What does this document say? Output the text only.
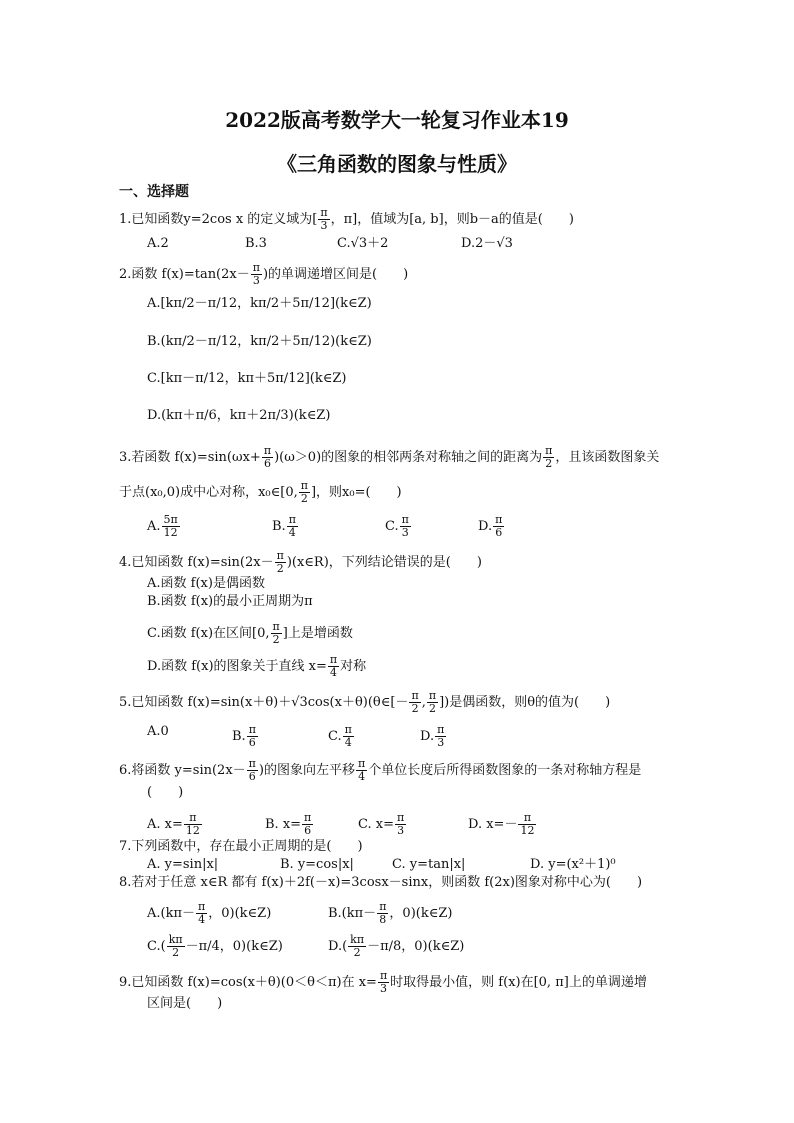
2022版高考数学大一轮复习作业本19
《三角函数的图象与性质》
一、选择题
1.已知函数y=2cos x 的定义域为[ $\frac{\pi}{3}$ ，π]，值域为[a, b]，则b－a的值是(　　)
A.2	B.3	C.√3＋2	D.2－√3
2.函数 $f(x)=\tan(2x- \frac{\pi}{3}$ )的单调递增区间是(　　)
A.[kπ/2－π/12，kπ/2＋5π/12](k∈Z)
B.(kπ/2－π/12，kπ/2＋5π/12)(k∈Z)
C.[kπ－π/12，kπ＋5π/12](k∈Z)
D.(kπ＋π/6，kπ＋2π/3)(k∈Z)
3.若函数 $f(x)=\sin(\omega x+ \frac{\pi}{6} )(\omega>0)$的图象的相邻两条对称轴之间的距离为 $\frac{\pi}{2}$ ，且该函数图象关
于点(x₀,0)成中心对称，x₀∈[0, $\frac{\pi}{2}$ ]，则x₀=(　　)
A. $\frac{5\pi}{12}$	B. $\frac{\pi}{4}$	C. $\frac{\pi}{3}$	D. $\frac{\pi}{6}$
4.已知函数 $f(x)=\sin(2x- \frac{\pi}{2}$ )(x∈R)，下列结论错误的是(　　)
A.函数 f(x)是偶函数
B.函数 f(x)的最小正周期为π
C.函数 f(x)在区间[0, $\frac{\pi}{2}$ ]上是增函数
D.函数 f(x)的图象关于直线 $x= \frac{\pi}{4}$ 对称
5.已知函数 f(x)=sin(x＋θ)＋√3cos(x＋θ)(θ∈[－ $\frac{\pi}{2}$ , $\frac{\pi}{2}$ ])是偶函数，则θ的值为(　　)
A.0	B. $\frac{\pi}{6}$	C. $\frac{\pi}{4}$	D. $\frac{\pi}{3}$
6.将函数 $y=\sin(2x- \frac{\pi}{6}$ )的图象向左平移 $\frac{\pi}{4}$ 个单位长度后所得函数图象的一条对称轴方程是
(　　)
A. $x= \frac{\pi}{12}$	B. $x= \frac{\pi}{6}$	C. $x= \frac{\pi}{3}$	D. $x=- \frac{\pi}{12}$
7.下列函数中，存在最小正周期的是(　　)
A. y=sin|x|	B. y=cos|x|	C. y=tan|x|	D. y=(x²＋1)⁰
8.若对于任意 x∈R 都有 f(x)＋2f(－x)=3cosx－sinx，则函数 f(2x)图象对称中心为(　　)
$A.(k\pi- \frac{\pi}{4}$ ，0)(k∈Z)	$B.(k\pi- \frac{\pi}{8}$ ，0)(k∈Z)
$C.( \frac{k\pi}{2} -\pi/4$，0)(k∈Z)	$D.( \frac{k\pi}{2} -\pi/8$，0)(k∈Z)
9.已知函数 f(x)=cos(x＋θ)(0＜θ＜π)在 $x= \frac{\pi}{3}$ 时取得最小值，则 f(x)在[0, π]上的单调递增
区间是(　　)
